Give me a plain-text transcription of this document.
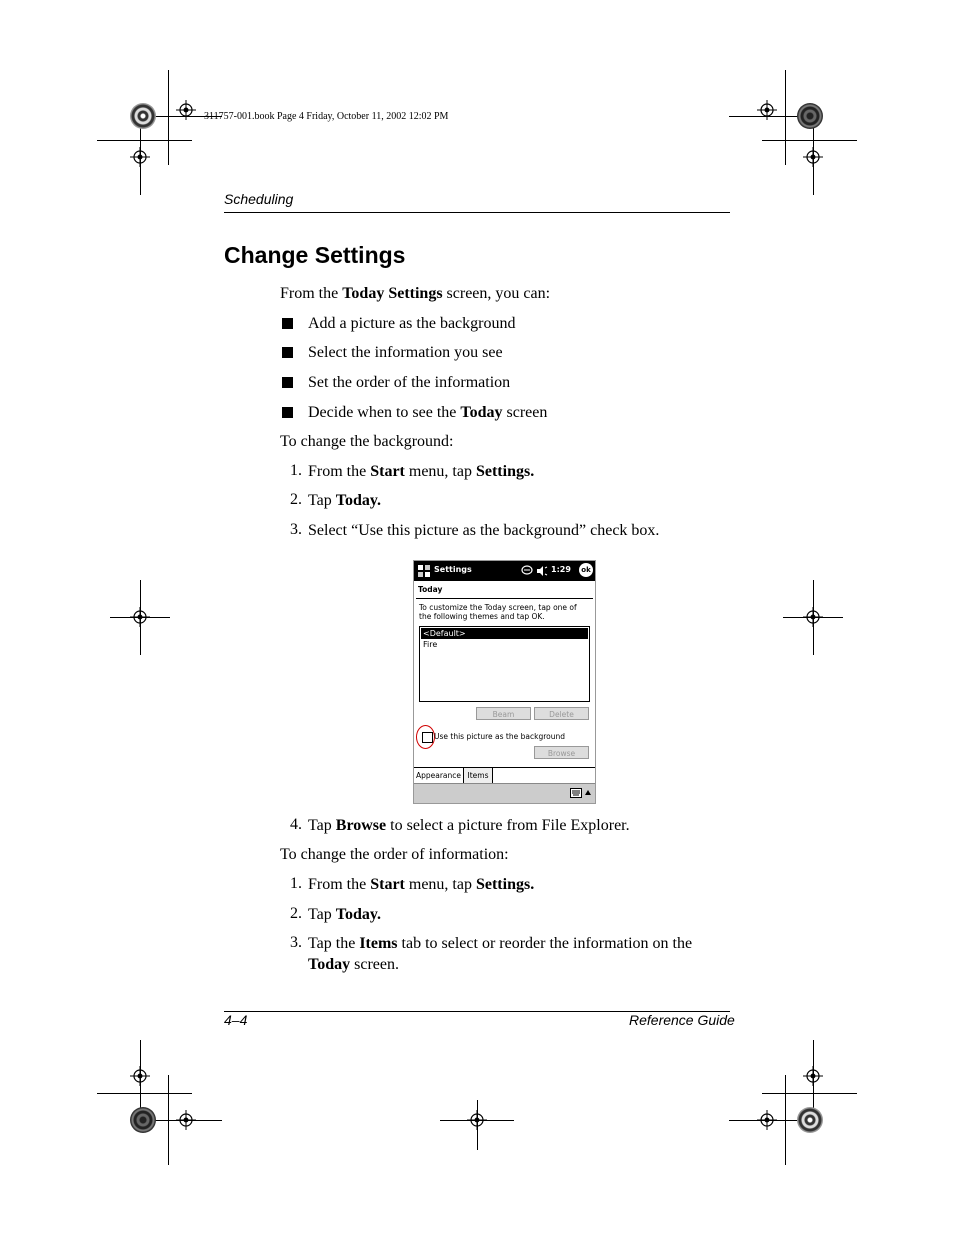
311757-001.book Page 4 Friday, October 11, 2002 12:02 PM
Scheduling
Change Settings
From the Today Settings screen, you can:
Add a picture as the background
Select the information you see
Set the order of the information
Decide when to see the Today screen
To change the background:
1. From the Start menu, tap Settings.
2. Tap Today.
3. Select “Use this picture as the background” check box.
Settings	1:29	ok
Today
To customize the Today screen, tap one of
the following themes and tap OK.
<Default>
Fire
Beam	Delete
Use this picture as the background
Browse
Appearance Items
4. Tap Browse to select a picture from File Explorer.
To change the order of information:
1. From the Start menu, tap Settings.
2. Tap Today.
3. Tap the Items tab to select or reorder the information on the
Today screen.
4–4	Reference Guide
